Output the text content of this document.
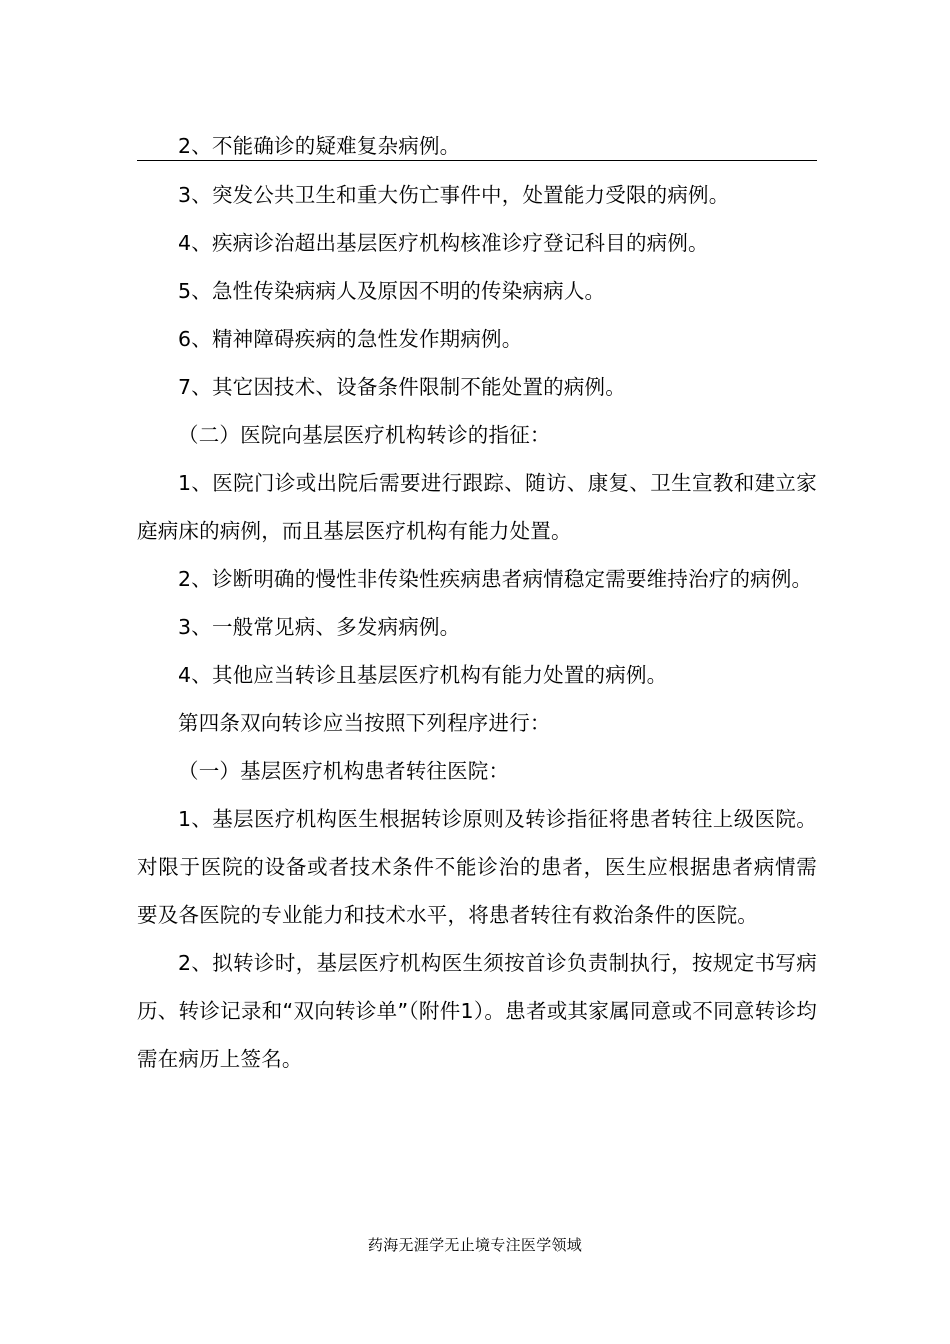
2、不能确诊的疑难复杂病例。

3、突发公共卫生和重大伤亡事件中，处置能力受限的病例。

4、疾病诊治超出基层医疗机构核准诊疗登记科目的病例。

5、急性传染病病人及原因不明的传染病病人。

6、精神障碍疾病的急性发作期病例。

7、其它因技术、设备条件限制不能处置的病例。

（二）医院向基层医疗机构转诊的指征：

1、医院门诊或出院后需要进行跟踪、随访、康复、卫生宣教和建立家庭病床的病例，而且基层医疗机构有能力处置。

2、诊断明确的慢性非传染性疾病患者病情稳定需要维持治疗的病例。

3、一般常见病、多发病病例。

4、其他应当转诊且基层医疗机构有能力处置的病例。

第四条双向转诊应当按照下列程序进行：

（一）基层医疗机构患者转往医院：

1、基层医疗机构医生根据转诊原则及转诊指征将患者转往上级医院。对限于医院的设备或者技术条件不能诊治的患者，医生应根据患者病情需要及各医院的专业能力和技术水平，将患者转往有救治条件的医院。

2、拟转诊时，基层医疗机构医生须按首诊负责制执行，按规定书写病历、转诊记录和“双向转诊单”（附件1）。患者或其家属同意或不同意转诊均需在病历上签名。

药海无涯学无止境专注医学领域
